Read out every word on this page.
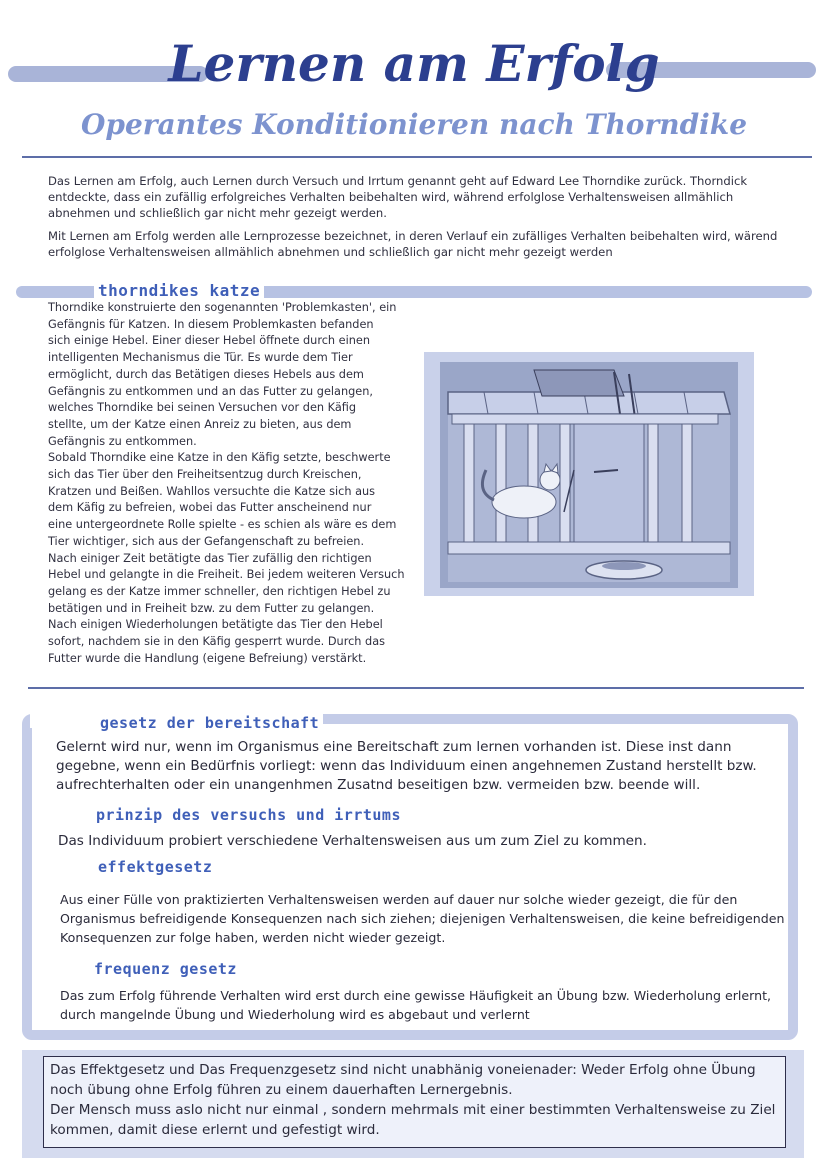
Lernen am Erfolg
Operantes Konditionieren nach Thorndike

Das Lernen am Erfolg, auch Lernen durch Versuch und Irrtum genannt geht auf Edward Lee Thorndike zurück. Thorndick entdeckte, dass ein zufällig erfolgreiches Verhalten beibehalten wird, während erfolglose Verhaltensweisen allmählich abnehmen und schließlich gar nicht mehr gezeigt werden.

Mit Lernen am Erfolg werden alle Lernprozesse bezeichnet, in deren Verlauf ein zufälliges Verhalten beibehalten wird, wärend erfolglose Verhaltensweisen allmählich abnehmen und schließlich gar nicht mehr gezeigt werden

thorndikes katze
Thorndike konstruierte den sogenannten 'Problemkasten', ein
Gefängnis für Katzen. In diesem Problemkasten befanden
sich einige Hebel. Einer dieser Hebel öffnete durch einen
intelligenten Mechanismus die Tür. Es wurde dem Tier
ermöglicht, durch das Betätigen dieses Hebels aus dem
Gefängnis zu entkommen und an das Futter zu gelangen,
welches Thorndike bei seinen Versuchen vor den Käfig
stellte, um der Katze einen Anreiz zu bieten, aus dem
Gefängnis zu entkommen.
Sobald Thorndike eine Katze in den Käfig setzte, beschwerte
sich das Tier über den Freiheitsentzug durch Kreischen,
Kratzen und Beißen. Wahllos versuchte die Katze sich aus
dem Käfig zu befreien, wobei das Futter anscheinend nur
eine untergeordnete Rolle spielte - es schien als wäre es dem
Tier wichtiger, sich aus der Gefangenschaft zu befreien.
Nach einiger Zeit betätigte das Tier zufällig den richtigen
Hebel und gelangte in die Freiheit. Bei jedem weiteren Versuch
gelang es der Katze immer schneller, den richtigen Hebel zu
betätigen und in Freiheit bzw. zu dem Futter zu gelangen.
Nach einigen Wiederholungen betätigte das Tier den Hebel
sofort, nachdem sie in den Käfig gesperrt wurde. Durch das
Futter wurde die Handlung (eigene Befreiung) verstärkt.
gesetz der bereitschaft
Gelernt wird nur, wenn im Organismus eine Bereitschaft zum lernen vorhanden ist. Diese inst dann
gegebne, wenn ein Bedürfnis vorliegt: wenn das Individuum einen angehnemen Zustand herstellt bzw.
aufrechterhalten oder ein unangenhmen Zusatnd beseitigen bzw. vermeiden bzw. beende will.
prinzip des versuchs und irrtums
Das Individuum probiert verschiedene Verhaltensweisen aus um zum Ziel zu kommen.
effektgesetz
Aus einer Fülle von praktizierten Verhaltensweisen werden auf dauer nur solche wieder gezeigt, die für den
Organismus befreidigende Konsequenzen nach sich ziehen; diejenigen Verhaltensweisen, die keine befreidigenden
Konsequenzen zur folge haben, werden nicht wieder gezeigt.
frequenz gesetz
Das zum Erfolg führende Verhalten wird erst durch eine gewisse Häufigkeit an Übung bzw. Wiederholung erlernt,
durch mangelnde Übung und Wiederholung wird es abgebaut und verlernt
Das Effektgesetz und Das Frequenzgesetz sind nicht unabhänig voneienader: Weder Erfolg ohne Übung
noch übung ohne Erfolg führen zu einem dauerhaften Lernergebnis.
Der Mensch muss aslo nicht nur einmal , sondern mehrmals mit einer bestimmten Verhaltensweise zu Ziel
kommen, damit diese erlernt und gefestigt wird.
